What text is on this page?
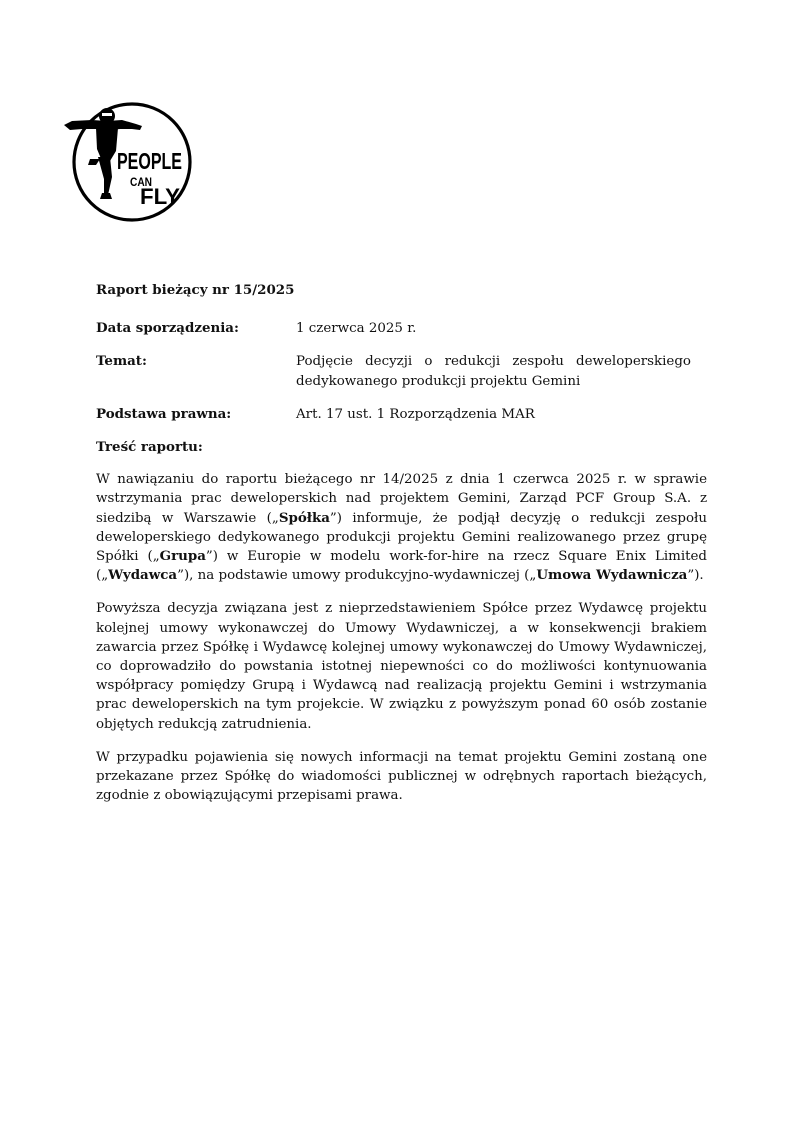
PEOPLE
CAN
FLY
Raport bieżący nr 15/2025
Data sporządzenia:	1 czerwca 2025 r.
Temat:	Podjęcie decyzji o redukcji zespołu deweloperskiego dedykowanego produkcji projektu Gemini
Podstawa prawna:	Art. 17 ust. 1 Rozporządzenia MAR
Treść raportu:

W nawiązaniu do raportu bieżącego nr 14/2025 z dnia 1 czerwca 2025 r. w sprawie wstrzymania prac deweloperskich nad projektem Gemini, Zarząd PCF Group S.A. z siedzibą w Warszawie („Spółka”) informuje, że podjął decyzję o redukcji zespołu deweloperskiego dedykowanego produkcji projektu Gemini realizowanego przez grupę Spółki („Grupa”) w Europie w modelu work-for-hire na rzecz Square Enix Limited („Wydawca”), na podstawie umowy produkcyjno-wydawniczej („Umowa Wydawnicza”).

Powyższa decyzja związana jest z nieprzedstawieniem Spółce przez Wydawcę projektu kolejnej umowy wykonawczej do Umowy Wydawniczej, a w konsekwencji brakiem zawarcia przez Spółkę i Wydawcę kolejnej umowy wykonawczej do Umowy Wydawniczej, co doprowadziło do powstania istotnej niepewności co do możliwości kontynuowania współpracy pomiędzy Grupą i Wydawcą nad realizacją projektu Gemini i wstrzymania prac deweloperskich na tym projekcie. W związku z powyższym ponad 60 osób zostanie objętych redukcją zatrudnienia.

W przypadku pojawienia się nowych informacji na temat projektu Gemini zostaną one przekazane przez Spółkę do wiadomości publicznej w odrębnych raportach bieżących, zgodnie z obowiązującymi przepisami prawa.
